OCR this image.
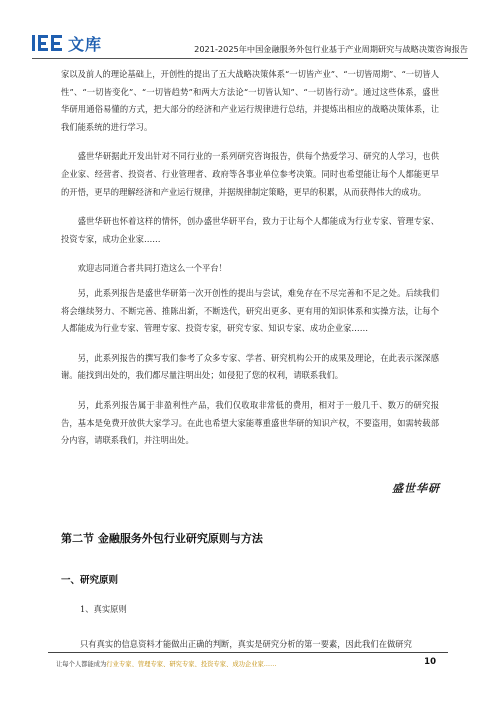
文库	2021-2025年中国金融服务外包行业基于产业周期研究与战略决策咨询报告

家以及前人的理论基础上，开创性的提出了五大战略决策体系“一切皆产业”、“一切皆周期”、“一切皆人性”、“一切皆变化”、“一切皆趋势”和两大方法论“一切皆认知”、“一切皆行动”。通过这些体系，盛世华研用通俗易懂的方式，把大部分的经济和产业运行规律进行总结，并提炼出相应的战略决策体系，让我们能系统的进行学习。

盛世华研据此开发出针对不同行业的一系列研究咨询报告，供每个热爱学习、研究的人学习，也供企业家、经营者、投资者、行业管理者、政府等各事业单位参考决策。同时也希望能让每个人都能更早的开悟，更早的理解经济和产业运行规律，并据规律制定策略，更早的积累，从而获得伟大的成功。

盛世华研也怀着这样的情怀，创办盛世华研平台，致力于让每个人都能成为行业专家、管理专家、投资专家，成功企业家……

欢迎志同道合者共同打造这么一个平台！

另，此系列报告是盛世华研第一次开创性的提出与尝试，难免存在不尽完善和不足之处。后续我们将会继续努力、不断完善、推陈出新，不断迭代，研究出更多、更有用的知识体系和实操方法，让每个人都能成为行业专家、管理专家、投资专家，研究专家、知识专家、成功企业家……

另，此系列报告的撰写我们参考了众多专家、学者、研究机构公开的成果及理论，在此表示深深感谢。能找到出处的，我们都尽量注明出处；如侵犯了您的权利，请联系我们。

另，此系列报告属于非盈利性产品，我们仅收取非常低的费用，相对于一般几千、数万的研究报告，基本是免费开放供大家学习。在此也希望大家能尊重盛世华研的知识产权，不要盗用，如需转载部分内容，请联系我们，并注明出处。

盛世华研
第二节 金融服务外包行业研究原则与方法
一、研究原则
1、真实原则
只有真实的信息资料才能做出正确的判断，真实是研究分析的第一要素，因此我们在做研究
让每个人都能成为行业专家、管理专家、研究专家、投资专家、成功企业家……	10
